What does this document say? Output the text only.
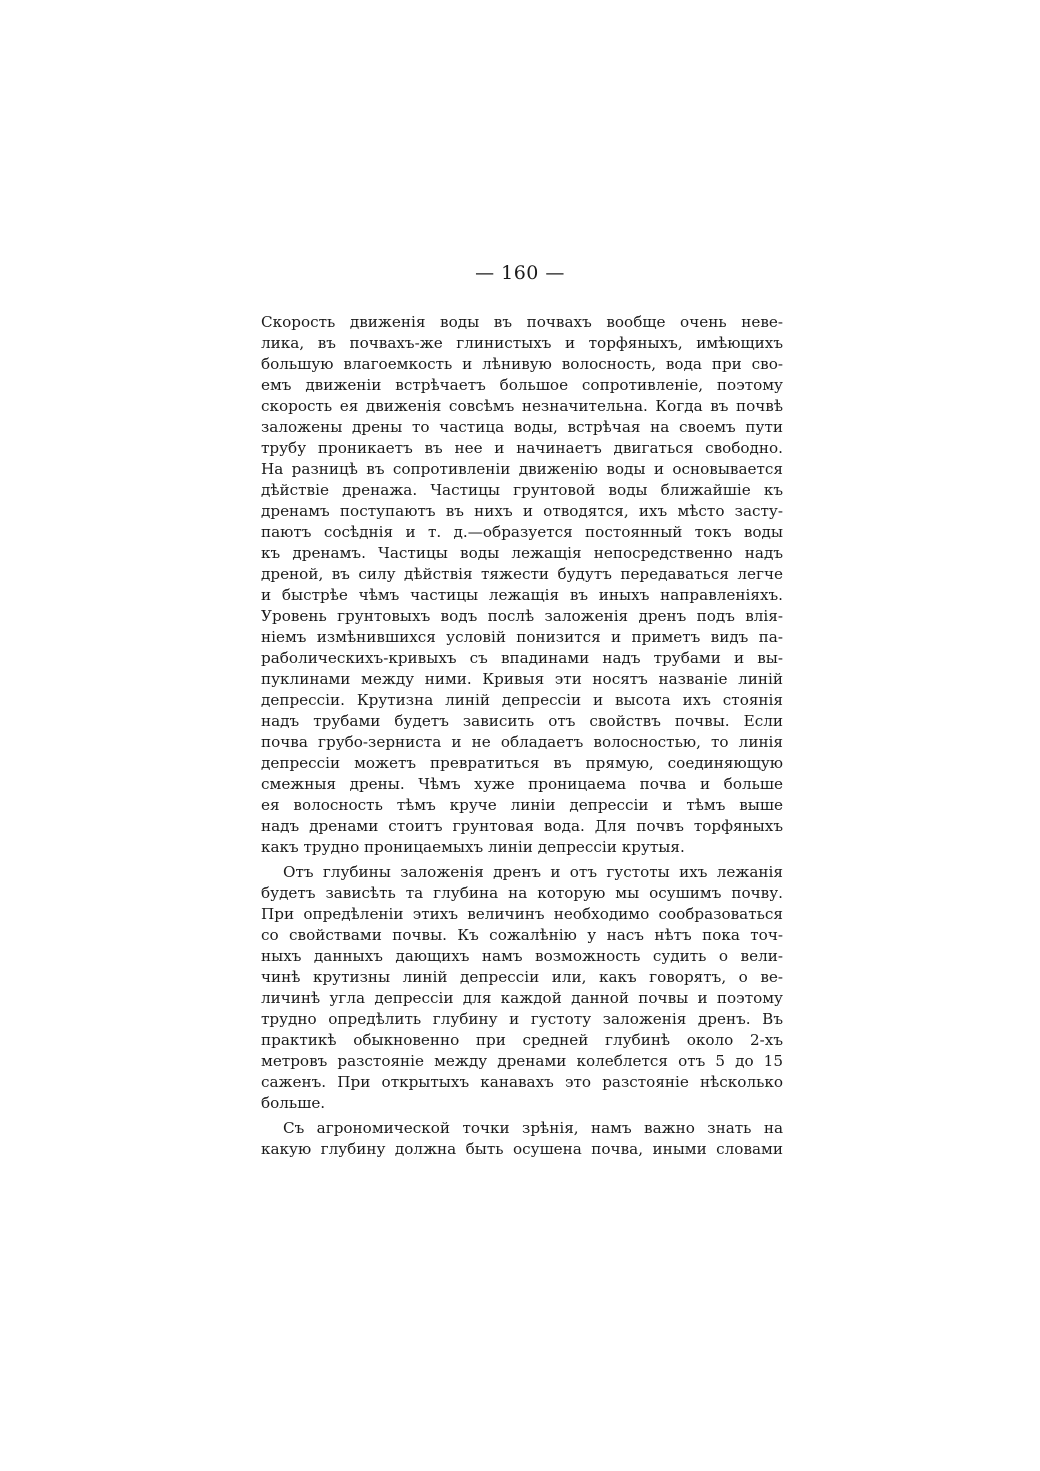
— 160 —
Скорость движенія воды въ почвахъ вообще очень невe-
лика, въ почвахъ-же глинистыхъ и торфяныхъ, имѣющихъ
большую влагоемкость и лѣнивую волосность, вода при сво-
емъ движеніи встрѣчаетъ большое сопротивленіе, поэтому
скорость ея движенія совсѣмъ незначительна. Когда въ почвѣ
заложены дрены то частица воды, встрѣчая на своемъ пути
трубу проникаетъ въ нее и начинаетъ двигаться свободно.
На разницѣ въ сопротивленіи движенію воды и основывается
дѣйствіе дренажа. Частицы грунтовой воды ближайшіе къ
дренамъ поступаютъ въ нихъ и отводятся, ихъ мѣсто засту-
паютъ сосѣднія и т. д.—образуется постоянный токъ воды
къ дренамъ. Частицы воды лежащія непосредственно надъ
дреной, въ силу дѣйствія тяжести будутъ передаваться легче
и быстрѣе чѣмъ частицы лежащія въ иныхъ направленіяхъ.
Уровень грунтовыхъ водъ послѣ заложенія дренъ подъ влія-
ніемъ измѣнившихся условій понизится и приметъ видъ па-
раболическихъ-кривыхъ съ впадинами надъ трубами и вы-
пуклинами между ними. Кривыя эти носятъ названіе линій
депрессіи. Крутизна линій депрессіи и высота ихъ стоянія
надъ трубами будетъ зависить отъ свойствъ почвы. Если
почва грубо-зерниста и не обладаетъ волосностью, то линія
депрессіи можетъ превратиться въ прямую, соединяющую
смежныя дрены. Чѣмъ хуже проницаема почва и больше
ея волосность тѣмъ круче линіи депрессіи и тѣмъ выше
надъ дренами стоитъ грунтовая вода. Для почвъ торфяныхъ
какъ трудно проницаемыхъ линіи депрессіи крутыя.
Отъ глубины заложенія дренъ и отъ густоты ихъ лежанія
будетъ зависѣть та глубина на которую мы осушимъ почву.
При опредѣленіи этихъ величинъ необходимо сообразоваться
со свойствами почвы. Къ сожалѣнію у насъ нѣтъ пока точ-
ныхъ данныхъ дающихъ намъ возможность судить о вели-
чинѣ крутизны линій депрессіи или, какъ говорятъ, о ве-
личинѣ угла депрессіи для каждой данной почвы и поэтому
трудно опредѣлить глубину и густоту заложенія дренъ. Въ
практикѣ обыкновенно при средней глубинѣ около 2-хъ
метровъ разстояніе между дренами колеблется отъ 5 до 15
саженъ. При открытыхъ канавахъ это разстояніе нѣсколько
больше.
Съ агрономической точки зрѣнія, намъ важно знать на
какую глубину должна быть осушена почва, иными словами
